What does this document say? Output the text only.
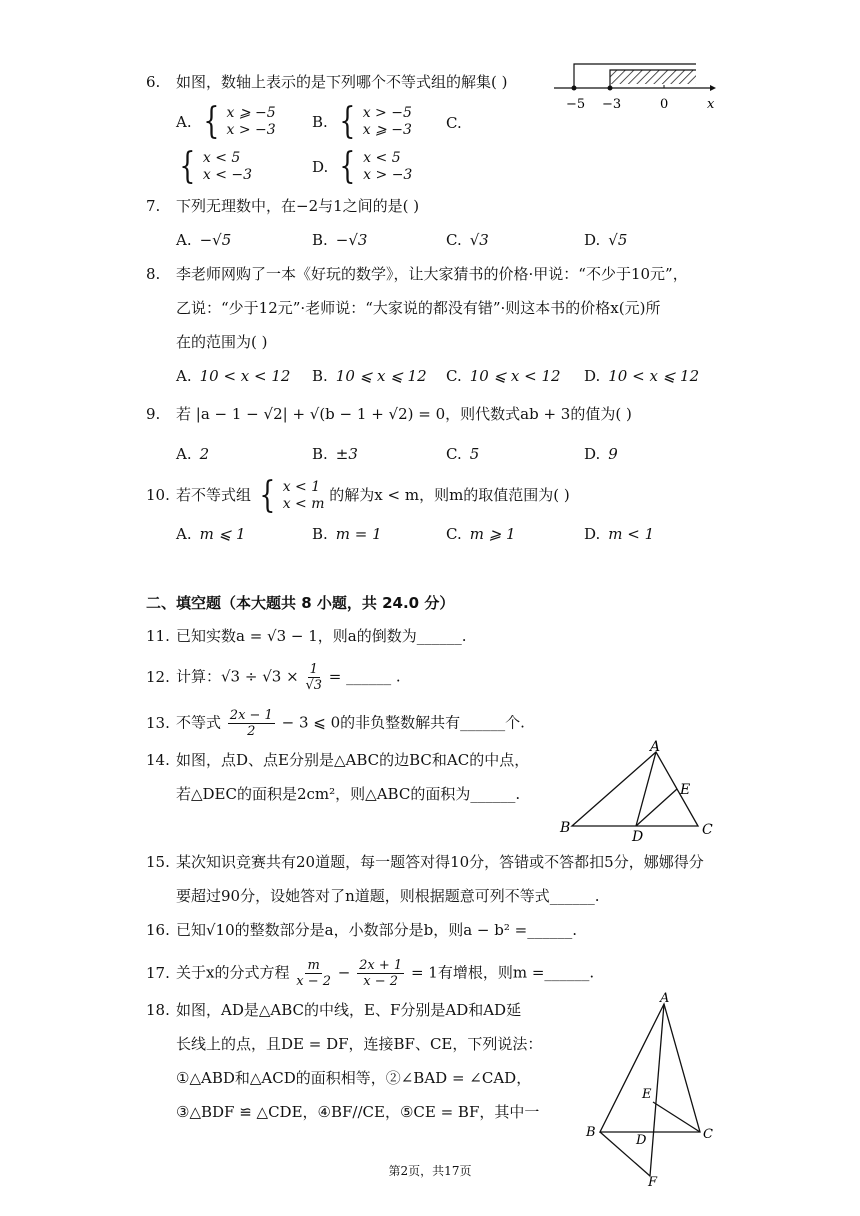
6. 如图，数轴上表示的是下列哪个不等式组的解集( )
−5 −3	0	x
A. { x ⩾ −5
x > −3 B. { x > −5
x ⩾ −3 C.
{ x < 5
x < −3	D. { x < 5
x > −3
7. 下列无理数中，在−2与1之间的是( )
A. −√5	B. −√3	C. √3	D. √5
8. 李老师网购了一本《好玩的数学》，让大家猜书的价格·甲说：“不少于10元”，
乙说：“少于12元”·老师说：“大家说的都没有错”·则这本书的价格x(元)所
在的范围为( )
A. 10 < x < 12 B. 10 ⩽ x ⩽ 12 C. 10 ⩽ x < 12 D. 10 < x ⩽ 12
9. 若 |a − 1 − √2| + √(b − 1 + √2) = 0，则代数式ab + 3的值为( )
A. 2	B. ±3	C. 5	D. 9
10. 若不等式组 { x < 1
x < m 的解为x < m，则m的取值范围为( )
A. m ⩽ 1	B. m = 1	C. m ⩾ 1	D. m < 1
二、填空题（本大题共 8 小题，共 24.0 分）
11. 已知实数a = √3 − 1，则a的倒数为______.
12. 计算：$√3 \div √3 \times \frac{1}{√3}$ = ______ .
13. 不等式 $\frac{2x - 1}{2} - 3$ ⩽ 0的非负整数解共有______个.
14. 如图，点D、点E分别是△ABC的边BC和AC的中点，
若△DEC的面积是2cm²，则△ABC的面积为______.
A
B	C
D
E
15. 某次知识竞赛共有20道题，每一题答对得10分，答错或不答都扣5分，娜娜得分
要超过90分，设她答对了n道题，则根据题意可列不等式______.
16. 已知√10的整数部分是a，小数部分是b，则a − b² =______.
17. 关于x的分式方程 $\frac{m}{x - 2} - \frac{2x + 1}{x - 2} = 1$有增根，则m =______.
18. 如图，AD是△ABC的中线，E、F分别是AD和AD延
长线上的点，且DE = DF，连接BF、CE，下列说法：
①△ABD和△ACD的面积相等，②∠BAD = ∠CAD，
③△BDF ≌ △CDE，④BF//CE，⑤CE = BF，其中一
A
B	C
D
E
F
第2页，共17页
